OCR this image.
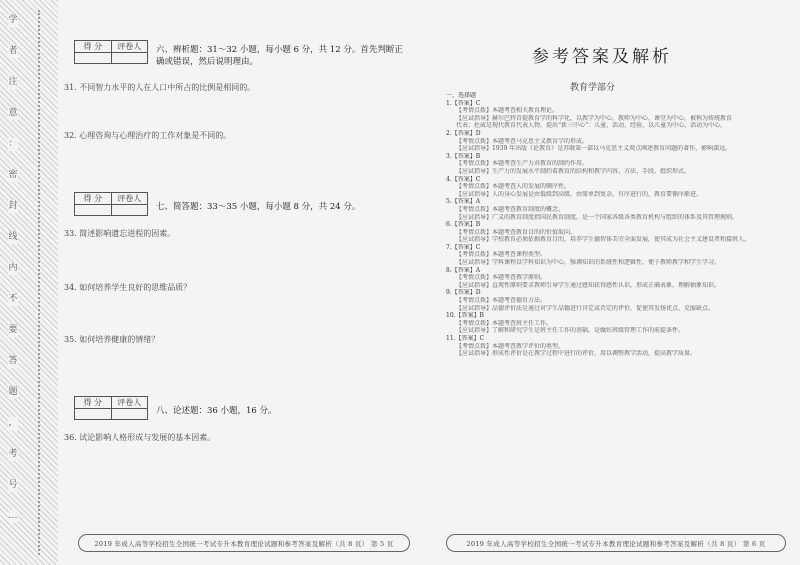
学
者
注
意
：
密
封
线
内
不
要
答
题
，
考
号
…
得 分	评卷人	六、辨析题：31～32 小题，每小题 6 分，共 12 分。首先判断正确或错误，然后说明理由。
31. 不同智力水平的人在人口中所占的比例是相同的。
32. 心理咨询与心理治疗的工作对象是不同的。
得 分	评卷人
七、简答题：33～35 小题，每小题 8 分，共 24 分。
33. 简述影响遗忘进程的因素。
34. 如何培养学生良好的思维品质？
35. 如何培养健康的情绪？
得 分	评卷人
八、论述题：36 小题，16 分。
36. 试论影响人格形成与发展的基本因素。
2019 年成人高等学校招生全国统一考试专升本教育理论试题和参考答案及解析（共 8 页） 第 5 页
参考答案及解析
教育学部分
一、选择题
1.【答案】C
【考情点拨】本题考查相关教育理论。
【应试指导】赫尔巴特首提教育学的科学化，以教学为中心，教师为中心，课堂为中心，被称为传统教育
代表；杜威是现代教育代表人物，提出“新三中心”：儿童、活动、经验，以儿童为中心，活动为中心。
2.【答案】D
【考情点拨】本题考查马克思主义教育学的形成。
【应试指导】1939 年出版《论教育》是苏联第一部以马克思主义观点阐述教育问题的著作，影响深远。
3.【答案】B
【考情点拨】本题考查生产力对教育的制约作用。
【应试指导】生产力的发展水平制约着教育的结构和教学内容、方法、手段、组织形式。
4.【答案】C
【考情点拨】本题考查人的发展的顺序性。
【应试指导】人的身心发展是由低级到高级，由简单到复杂，有序进行的，教育要循序渐进。
5.【答案】A
【考情点拨】本题考查教育制度的概念。
【应试指导】广义的教育制度指国民教育制度，是一个国家各级各类教育机构与组织的体系及其管理规则。
6.【答案】B
【考情点拨】本题考查教育目的的价值取向。
【应试指导】学校教育必须依据教育目的，培养学生德智体美劳全面发展，使其成为社会主义建设者和接班人。
7.【答案】C
【考情点拨】本题考查课程类型。
【应试指导】学科课程以学科知识为中心，强调知识的系统性和逻辑性，便于教师教学和学生学习。
8.【答案】A
【考情点拨】本题考查教学原则。
【应试指导】直观性原则要求教师引导学生通过感知获得感性认识，形成正确表象，理解抽象知识。
9.【答案】D
【考情点拨】本题考查德育方法。
【应试指导】品德评价法是通过对学生品德进行肯定或否定的评价，促使其发扬优点、克服缺点。
10.【答案】B
【考情点拨】本题考查班主任工作。
【应试指导】了解和研究学生是班主任工作的基础，是做好班级管理工作的前提条件。
11.【答案】C
【考情点拨】本题考查教学评价的类型。
【应试指导】形成性评价是在教学过程中进行的评价，用以调整教学活动，提高教学质量。
2019 年成人高等学校招生全国统一考试专升本教育理论试题和参考答案及解析（共 8 页） 第 6 页
